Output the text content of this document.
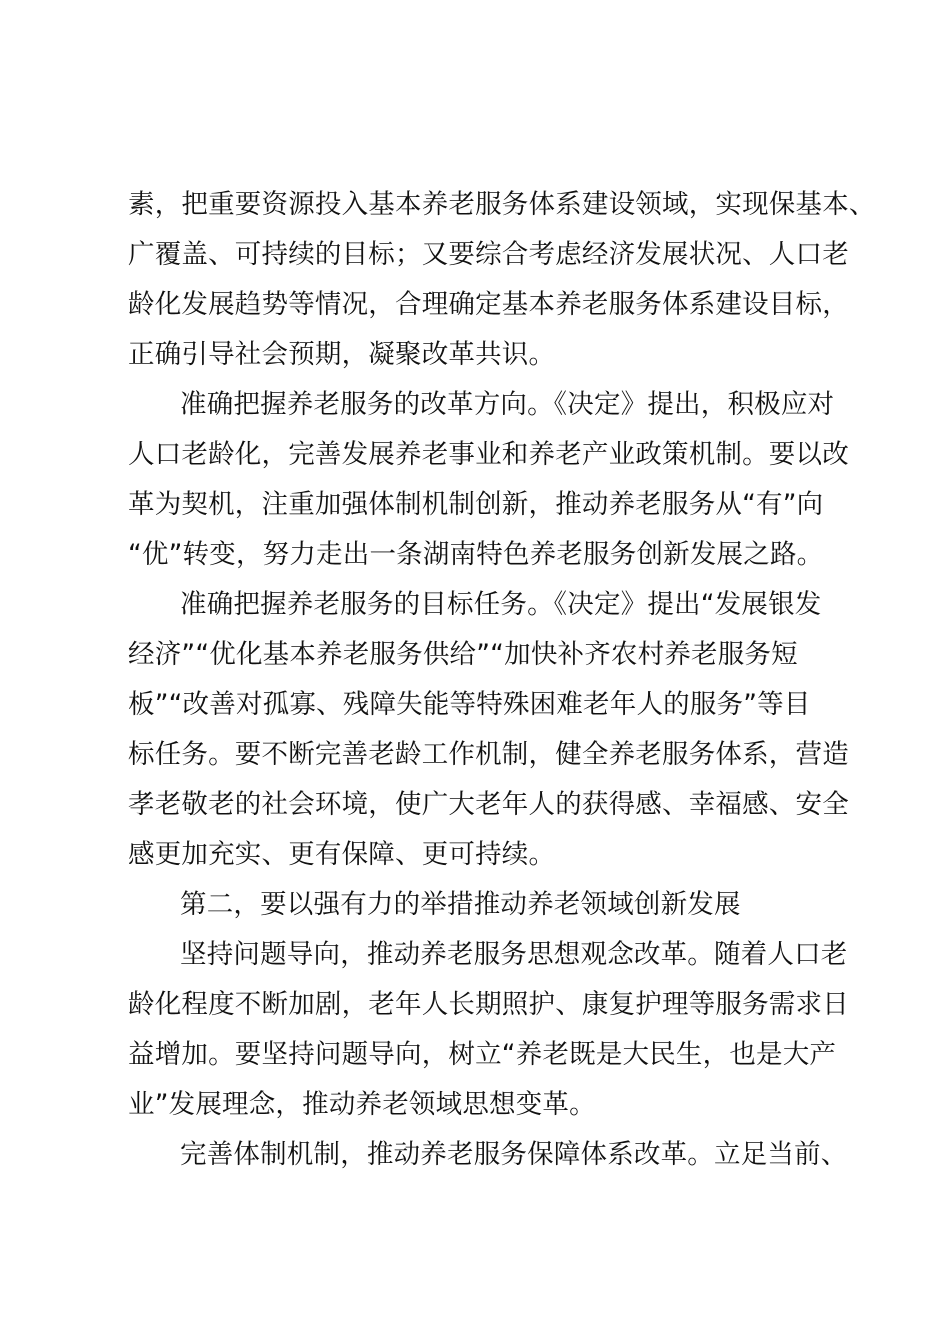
素，把重要资源投入基本养老服务体系建设领域，实现保基本、
广覆盖、可持续的目标；又要综合考虑经济发展状况、人口老
龄化发展趋势等情况，合理确定基本养老服务体系建设目标，
正确引导社会预期，凝聚改革共识。
准确把握养老服务的改革方向。《决定》提出，积极应对
人口老龄化，完善发展养老事业和养老产业政策机制。要以改
革为契机，注重加强体制机制创新，推动养老服务从“有”向
“优”转变，努力走出一条湖南特色养老服务创新发展之路。
准确把握养老服务的目标任务。《决定》提出“发展银发
经济”“优化基本养老服务供给”“加快补齐农村养老服务短
板”“改善对孤寡、残障失能等特殊困难老年人的服务”等目
标任务。要不断完善老龄工作机制，健全养老服务体系，营造
孝老敬老的社会环境，使广大老年人的获得感、幸福感、安全
感更加充实、更有保障、更可持续。
第二，要以强有力的举措推动养老领域创新发展
坚持问题导向，推动养老服务思想观念改革。随着人口老
龄化程度不断加剧，老年人长期照护、康复护理等服务需求日
益增加。要坚持问题导向，树立“养老既是大民生，也是大产
业”发展理念，推动养老领域思想变革。
完善体制机制，推动养老服务保障体系改革。立足当前、
